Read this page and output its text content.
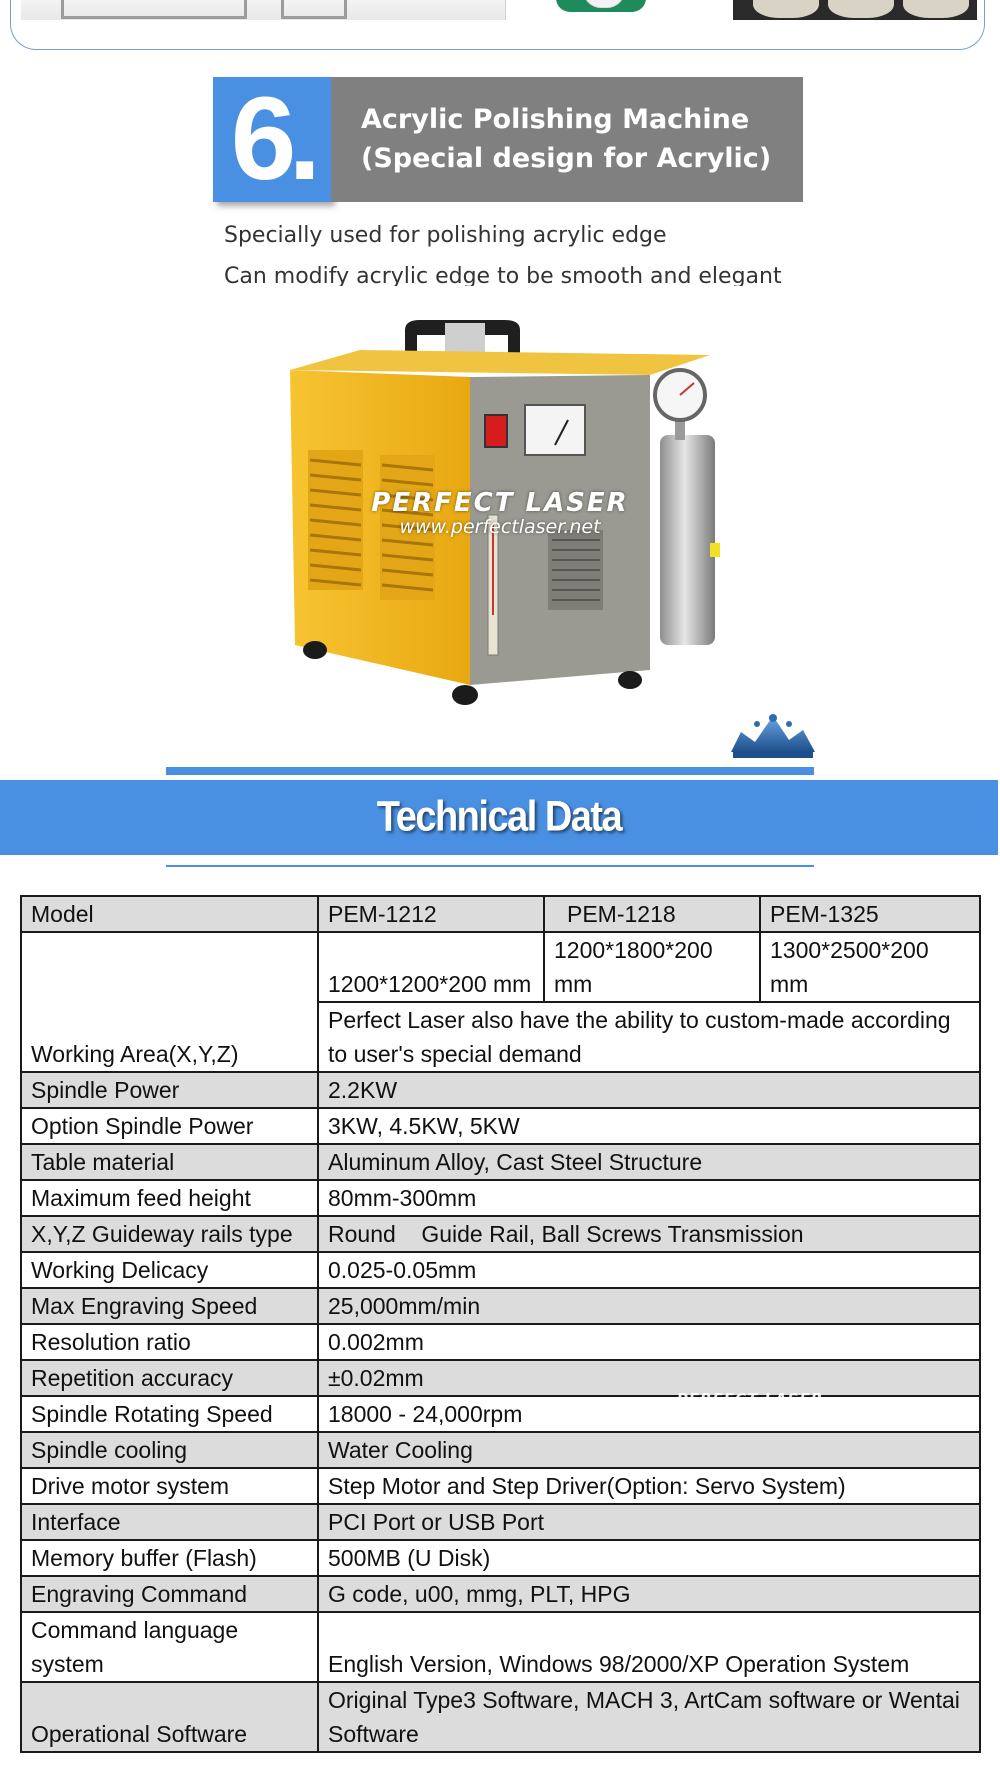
6.	Acrylic Polishing Machine
(Special design for Acrylic)
Specially used for polishing acrylic edge
Can modify acrylic edge to be smooth and elegant
PERFECT LASER
www.perfectlaser.net
Technical Data
Model	PEM-1212	PEM-1218	PEM-1325
Working Area(X,Y,Z)	1200*1200*200 mm	1200*1800*200 mm	1300*2500*200 mm
	Perfect Laser also have the ability to custom-made according to user's special demand		
Spindle Power	2.2KW		
Option Spindle Power	3KW, 4.5KW, 5KW		
Table material	Aluminum Alloy, Cast Steel Structure		
Maximum feed height	80mm-300mm		
X,Y,Z Guideway rails type	Round    Guide Rail, Ball Screws Transmission		
Working Delicacy	0.025-0.05mm		
Max Engraving Speed	25,000mm/min		
Resolution ratio	0.002mm		
Repetition accuracy	±0.02mm		
Spindle Rotating Speed	18000 - 24,000rpm		
Spindle cooling	Water Cooling		
Drive motor system	Step Motor and Step Driver(Option: Servo System)		
Interface	PCI Port or USB Port		
Memory buffer (Flash)	500MB (U Disk)		
Engraving Command	G code, u00, mmg, PLT, HPG		
Command language system	English Version, Windows 98/2000/XP Operation System		
Operational Software	Original Type3 Software, MACH 3, ArtCam software or Wentai Software		
PERFECT LASER
www.perfectlaser.net
